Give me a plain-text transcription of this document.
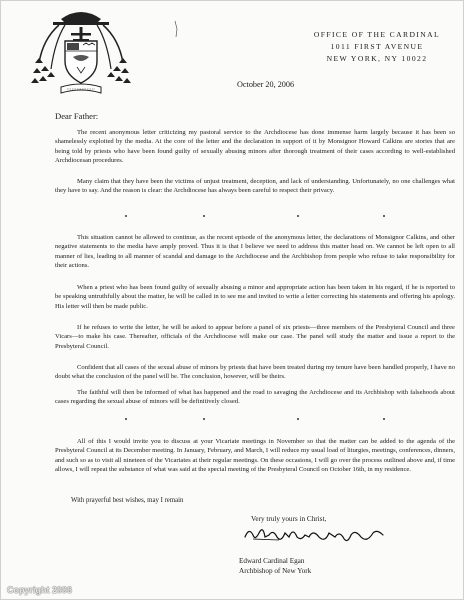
OFFICE OF THE CARDINAL
1011 FIRST AVENUE
NEW YORK, NY 10022
October 20, 2006
Dear Father:

The recent anonymous letter criticizing my pastoral service to the Archdiocese has done immense harm largely because it has been so shamelessly exploited by the media. At the core of the letter and the declaration in support of it by Monsignor Howard Calkins are stories that are being told by priests who have been found guilty of sexually abusing minors after thorough treatment of their cases according to well-established Archdiocesan procedures.

Many claim that they have been the victims of unjust treatment, deception, and lack of understanding. Unfortunately, no one challenges what they have to say. And the reason is clear: the Archdiocese has always been careful to respect their privacy.

This situation cannot be allowed to continue, as the recent episode of the anonymous letter, the declarations of Monsignor Calkins, and other negative statements to the media have amply proved. Thus it is that I believe we need to address this matter head on. We cannot be left open to all manner of lies, leading to all manner of scandal and damage to the Archdiocese and the Archbishop from people who refuse to take responsibility for their actions.

When a priest who has been found guilty of sexually abusing a minor and appropriate action has been taken in his regard, if he is reported to be speaking untruthfully about the matter, he will be called in to see me and invited to write a letter correcting his statements and offering his apology. His letter will then be made public.

If he refuses to write the letter, he will be asked to appear before a panel of six priests—three members of the Presbyteral Council and three Vicars—to make his case. Thereafter, officials of the Archdiocese will make our case. The panel will study the matter and issue a report to the Presbyteral Council.

Confident that all cases of the sexual abuse of minors by priests that have been treated during my tenure have been handled properly, I have no doubt what the conclusion of the panel will be. The conclusion, however, will be theirs.

The faithful will then be informed of what has happened and the road to savaging the Archdiocese and its Archbishop with falsehoods about cases regarding the sexual abuse of minors will be definitively closed.

All of this I would invite you to discuss at your Vicariate meetings in November so that the matter can be added to the agenda of the Presbyteral Council at its December meeting. In January, February, and March, I will reduce my usual load of liturgies, meetings, conferences, dinners, and such so as to visit all nineteen of the Vicariates at their regular meetings. On these occasions, I will go over the process outlined above and, if time allows, I will repeat the substance of what was said at the special meeting of the Presbyteral Council on October 16th, in my residence.

With prayerful best wishes, may I remain
Very truly yours in Christ,
Edward Cardinal Egan
Archbishop of New York
Copyright 2006
